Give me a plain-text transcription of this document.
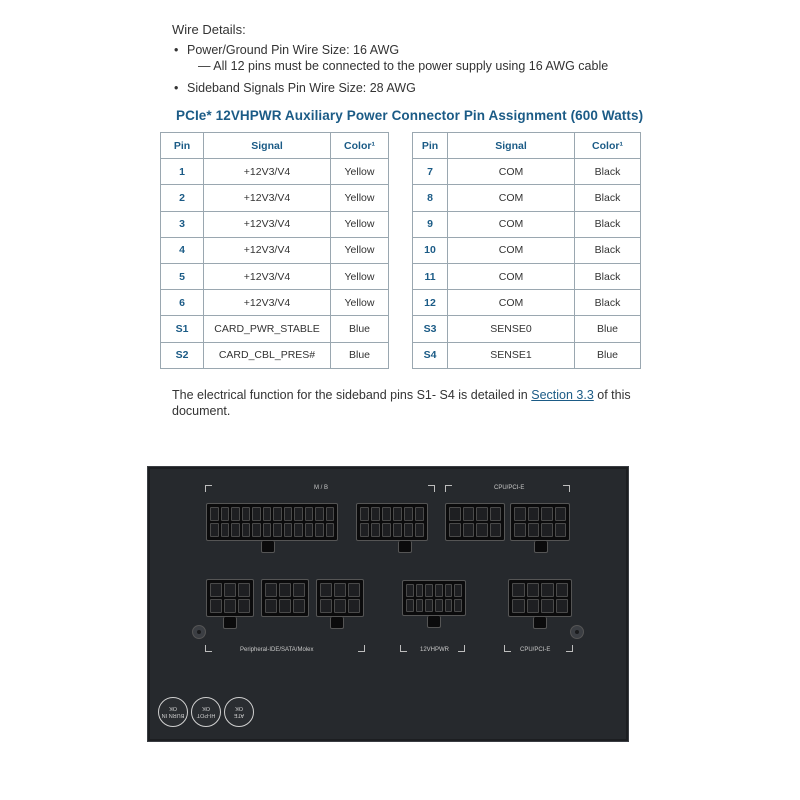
Wire Details:
• Power/Ground Pin Wire Size: 16 AWG
— All 12 pins must be connected to the power supply using 16 AWG cable
• Sideband Signals Pin Wire Size: 28 AWG
PCIe* 12VHPWR Auxiliary Power Connector Pin Assignment (600 Watts)
Pin	Signal	Color¹
1	+12V3/V4	Yellow
2	+12V3/V4	Yellow
3	+12V3/V4	Yellow
4	+12V3/V4	Yellow
5	+12V3/V4	Yellow
6	+12V3/V4	Yellow
S1	CARD_PWR_STABLE	Blue
S2	CARD_CBL_PRES#	Blue
Pin	Signal	Color¹
7	COM	Black
8	COM	Black
9	COM	Black
10	COM	Black
11	COM	Black
12	COM	Black
S3	SENSE0	Blue
S4	SENSE1	Blue
The electrical function for the sideband pins S1- S4 is detailed in Section 3.3 of this
document.
M / B	CPU/PCI-E
Peripheral-IDE/SATA/Molex	12VHPWR	CPU/PCI-E
BURN IN
OK
HI-POT
OK
ATE
OK
